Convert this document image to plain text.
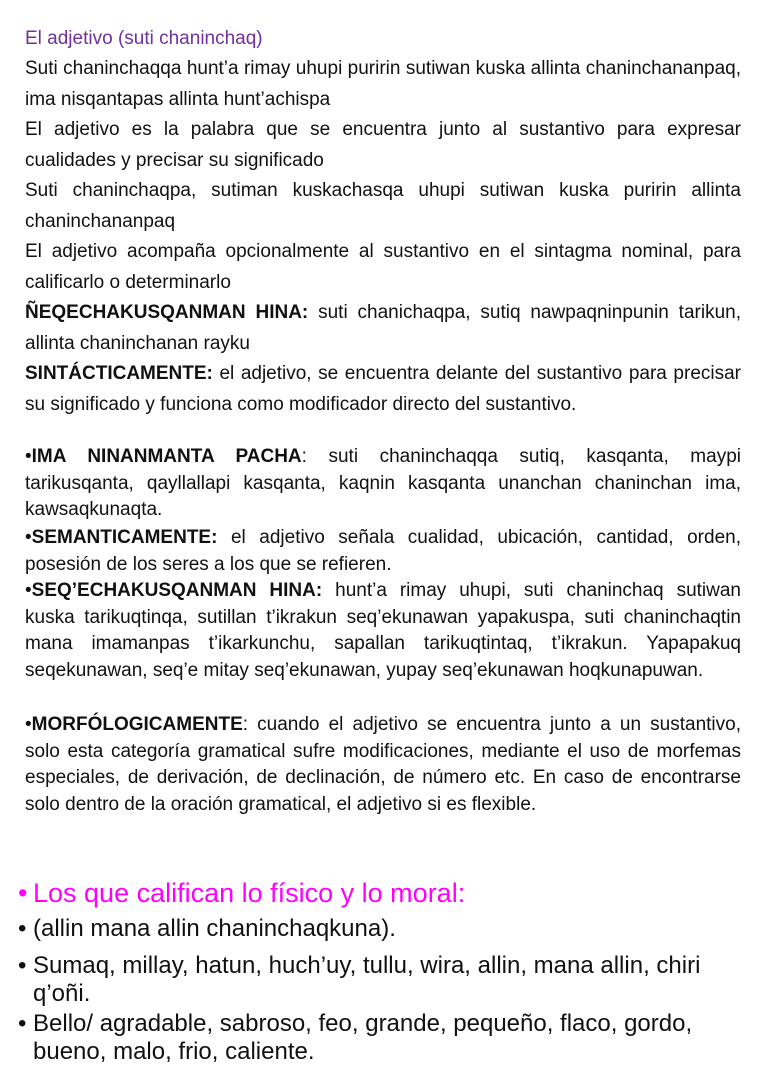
El adjetivo (suti chaninchaq)

Suti chaninchaqqa hunt’a rimay uhupi puririn sutiwan kuska allinta chaninchananpaq, ima nisqantapas allinta hunt’achispa

El adjetivo es la palabra que se encuentra junto al sustantivo para expresar cualidades y precisar su significado

Suti chaninchaqpa, sutiman kuskachasqa uhupi sutiwan kuska puririn allinta chaninchananpaq

El adjetivo acompaña opcionalmente al sustantivo en el sintagma nominal, para calificarlo o determinarlo

ÑEQECHAKUSQANMAN HINA: suti chanichaqpa, sutiq nawpaqninpunin tarikun, allinta chaninchanan rayku

SINTÁCTICAMENTE: el adjetivo, se encuentra delante del sustantivo para precisar su significado y funciona como modificador directo del sustantivo.

•IMA NINANMANTA PACHA: suti chaninchaqqa sutiq, kasqanta, maypi tarikusqanta, qayllallapi kasqanta, kaqnin kasqanta unanchan chaninchan ima, kawsaqkunaqta.

•SEMANTICAMENTE: el adjetivo señala cualidad, ubicación, cantidad, orden, posesión de los seres a los que se refieren.

•SEQ’ECHAKUSQANMAN HINA: hunt’a rimay uhupi, suti chaninchaq sutiwan kuska tarikuqtinqa, sutillan t’ikrakun seq’ekunawan yapakuspa, suti chaninchaqtin mana imamanpas t’ikarkunchu, sapallan tarikuqtintaq, t’ikrakun. Yapapakuq seqekunawan, seq’e mitay seq’ekunawan, yupay seq’ekunawan hoqkunapuwan.

•MORFÓLOGICAMENTE: cuando el adjetivo se encuentra junto a un sustantivo, solo esta categoría gramatical sufre modificaciones, mediante el uso de morfemas especiales, de derivación, de declinación, de número etc. En caso de encontrarse solo dentro de la oración gramatical, el adjetivo si es flexible.

• Los que califican lo físico y lo moral:
• (allin mana allin chaninchaqkuna).
• Sumaq, millay, hatun, huch’uy, tullu, wira, allin, mana allin, chiri q’oñi.
• Bello/ agradable, sabroso, feo, grande, pequeño, flaco, gordo, bueno, malo, frio, caliente.
